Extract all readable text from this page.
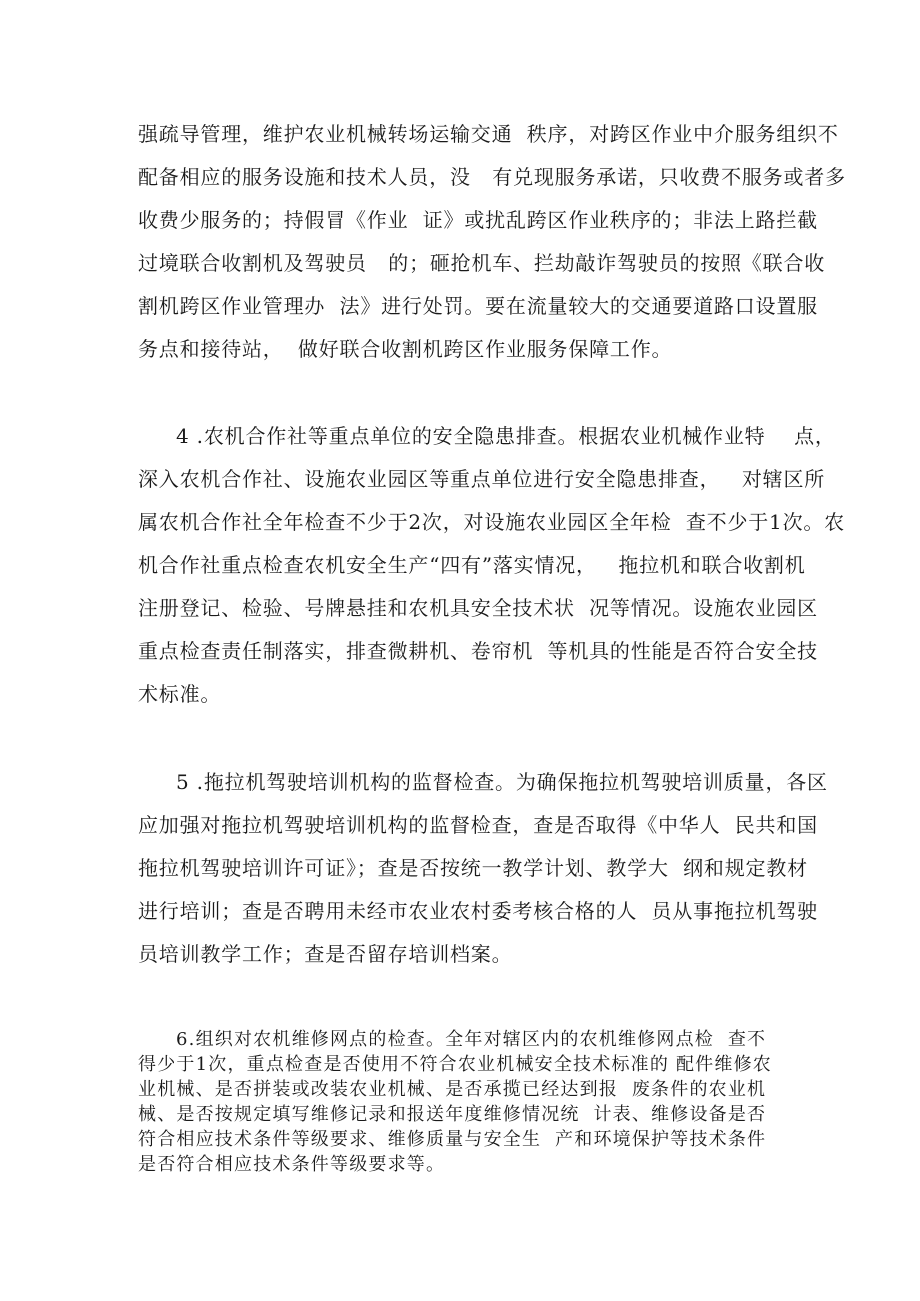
强疏导管理，维护农业机械转场运输交通  秩序，对跨区作业中介服务组织不
配备相应的服务设施和技术人员，没   有兑现服务承诺，只收费不服务或者多
收费少服务的；持假冒《作业  证》或扰乱跨区作业秩序的；非法上路拦截
过境联合收割机及驾驶员   的；砸抢机车、拦劫敲诈驾驶员的按照《联合收
割机跨区作业管理办  法》进行处罚。要在流量较大的交通要道路口设置服
务点和接待站，  做好联合收割机跨区作业服务保障工作。
4 .农机合作社等重点单位的安全隐患排查。根据农业机械作业特    点，
深入农机合作社、设施农业园区等重点单位进行安全隐患排查，   对辖区所
属农机合作社全年检查不少于2次，对设施农业园区全年检  查不少于1次。农
机合作社重点检查农机安全生产“四有”落实情况，   拖拉机和联合收割机
注册登记、检验、号牌悬挂和农机具安全技术状  况等情况。设施农业园区
重点检查责任制落实，排查微耕机、卷帘机  等机具的性能是否符合安全技
术标准。
5 .拖拉机驾驶培训机构的监督检查。为确保拖拉机驾驶培训质量，各区
应加强对拖拉机驾驶培训机构的监督检查，查是否取得《中华人  民共和国
拖拉机驾驶培训许可证》；查是否按统一教学计划、教学大  纲和规定教材
进行培训；查是否聘用未经市农业农村委考核合格的人  员从事拖拉机驾驶
员培训教学工作；查是否留存培训档案。
6.组织对农机维修网点的检查。全年对辖区内的农机维修网点检  查不
得少于1次，重点检查是否使用不符合农业机械安全技术标准的 配件维修农
业机械、是否拼装或改装农业机械、是否承揽已经达到报  废条件的农业机
械、是否按规定填写维修记录和报送年度维修情况统  计表、维修设备是否
符合相应技术条件等级要求、维修质量与安全生  产和环境保护等技术条件
是否符合相应技术条件等级要求等。
